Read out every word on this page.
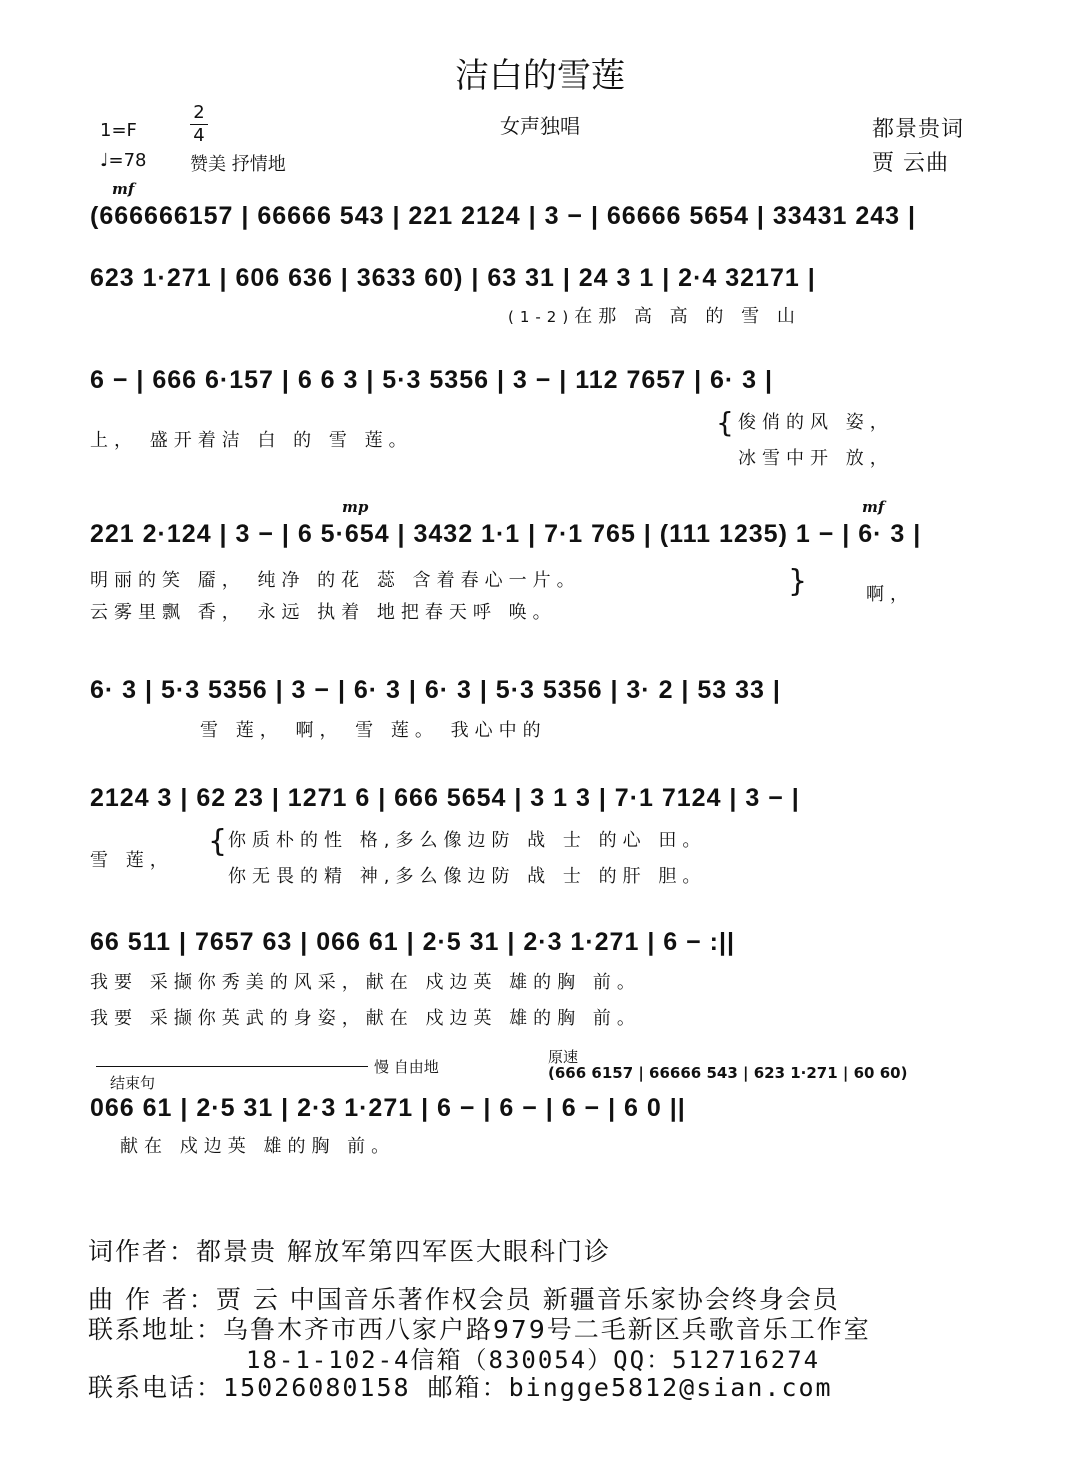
洁白的雪莲
女声独唱
1=F
2
4
♩=78 赞美 抒情地
都景贵词
贾 云曲
mf
(666666157 | 66666 543 | 221 2124 | 3 − | 66666 5654 | 33431 243 |
623 1·271 | 606 636 | 3633 60) | 63 31 | 24 3 1 | 2·4 32171 |
(1-2)在那 高 高 的 雪 山
6 − | 666 6·157 | 6 6 3 | 5·3 5356 | 3 − | 112 7657 | 6· 3 |
上， 盛开着洁 白 的 雪 莲。
{ 俊俏的风 姿，
冰雪中开 放，
mp	mf
221 2·124 | 3 − | 6 5·654 | 3432 1·1 | 7·1 765 | (111 1235) 1 − | 6· 3 |
明丽的笑 靥， 纯净 的花 蕊 含着春心一片。
云雾里飘 香， 永远 执着 地把春天呼 唤。
}	啊，
6· 3 | 5·3 5356 | 3 − | 6· 3 | 6· 3 | 5·3 5356 | 3· 2 | 53 33 |
雪 莲， 啊， 雪 莲。 我心中的
2124 3 | 62 23 | 1271 6 | 666 5654 | 3 1 3 | 7·1 7124 | 3 − |
雪 莲，
{ 你质朴的性 格,多么像边防 战 士 的心 田。
你无畏的精 神,多么像边防 战 士 的肝 胆。
66 511 | 7657 63 | 066 61 | 2·5 31 | 2·3 1·271 | 6 − :||
我要 采撷你秀美的风采，献在 戍边英 雄的胸 前。
我要 采撷你英武的身姿，献在 戍边英 雄的胸 前。
结束句
慢 自由地
原速
(666 6157 | 66666 543 | 623 1·271 | 60 60)
066 61 | 2·5 31 | 2·3 1·271 | 6 − | 6 − | 6 − | 6 0 ||
献在 戍边英 雄的胸 前。
词作者：都景贵 解放军第四军医大眼科门诊
曲 作 者：贾 云 中国音乐著作权会员 新疆音乐家协会终身会员
联系地址：乌鲁木齐市西八家户路979号二毛新区兵歌音乐工作室
18-1-102-4信箱（830054）QQ：512716274
联系电话：15026080158 邮箱：bingge5812@sian.com
